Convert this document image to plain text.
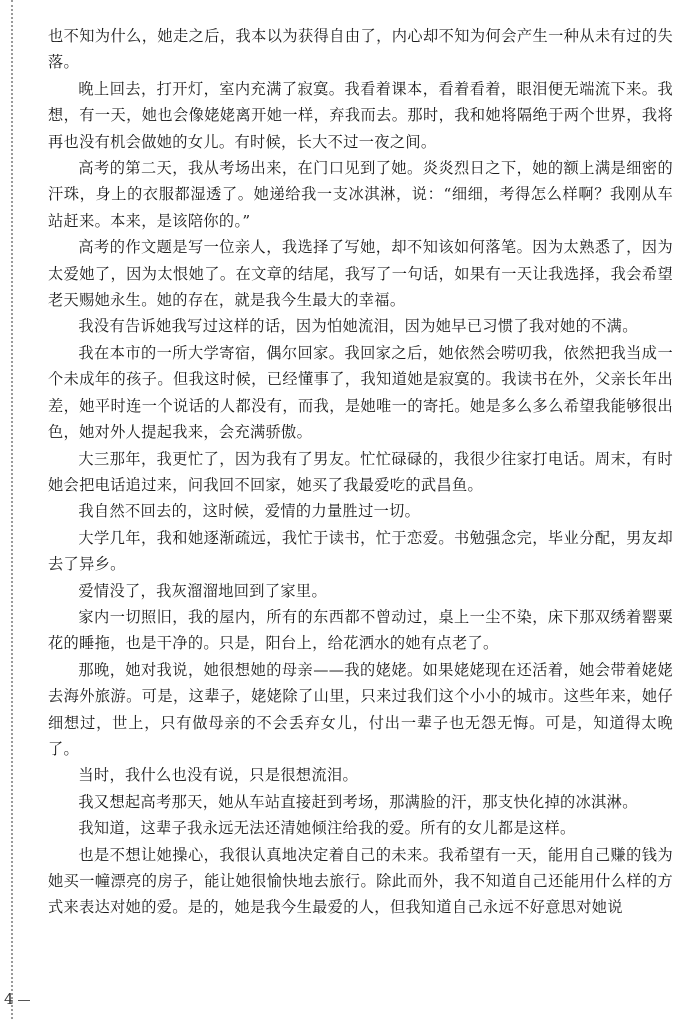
也不知为什么，她走之后，我本以为获得自由了，内心却不知为何会产生一种从未有过的失落。

晚上回去，打开灯，室内充满了寂寞。我看着课本，看着看着，眼泪便无端流下来。我想，有一天，她也会像姥姥离开她一样，弃我而去。那时，我和她将隔绝于两个世界，我将再也没有机会做她的女儿。有时候，长大不过一夜之间。

高考的第二天，我从考场出来，在门口见到了她。炎炎烈日之下，她的额上满是细密的汗珠，身上的衣服都湿透了。她递给我一支冰淇淋，说：“细细，考得怎么样啊？我刚从车站赶来。本来，是该陪你的。”

高考的作文题是写一位亲人，我选择了写她，却不知该如何落笔。因为太熟悉了，因为太爱她了，因为太恨她了。在文章的结尾，我写了一句话，如果有一天让我选择，我会希望老天赐她永生。她的存在，就是我今生最大的幸福。

我没有告诉她我写过这样的话，因为怕她流泪，因为她早已习惯了我对她的不满。

我在本市的一所大学寄宿，偶尔回家。我回家之后，她依然会唠叨我，依然把我当成一个未成年的孩子。但我这时候，已经懂事了，我知道她是寂寞的。我读书在外，父亲长年出差，她平时连一个说话的人都没有，而我，是她唯一的寄托。她是多么多么希望我能够很出色，她对外人提起我来，会充满骄傲。

大三那年，我更忙了，因为我有了男友。忙忙碌碌的，我很少往家打电话。周末，有时她会把电话追过来，问我回不回家，她买了我最爱吃的武昌鱼。

我自然不回去的，这时候，爱情的力量胜过一切。

大学几年，我和她逐渐疏远，我忙于读书，忙于恋爱。书勉强念完，毕业分配，男友却去了异乡。

爱情没了，我灰溜溜地回到了家里。

家内一切照旧，我的屋内，所有的东西都不曾动过，桌上一尘不染，床下那双绣着罂粟花的睡拖，也是干净的。只是，阳台上，给花洒水的她有点老了。

那晚，她对我说，她很想她的母亲——我的姥姥。如果姥姥现在还活着，她会带着姥姥去海外旅游。可是，这辈子，姥姥除了山里，只来过我们这个小小的城市。这些年来，她仔细想过，世上，只有做母亲的不会丢弃女儿，付出一辈子也无怨无悔。可是，知道得太晚了。

当时，我什么也没有说，只是很想流泪。

我又想起高考那天，她从车站直接赶到考场，那满脸的汗，那支快化掉的冰淇淋。

我知道，这辈子我永远无法还清她倾注给我的爱。所有的女儿都是这样。

也是不想让她操心，我很认真地决定着自己的未来。我希望有一天，能用自己赚的钱为她买一幢漂亮的房子，能让她很愉快地去旅行。除此而外，我不知道自己还能用什么样的方式来表达对她的爱。是的，她是我今生最爱的人，但我知道自己永远不好意思对她说

4
